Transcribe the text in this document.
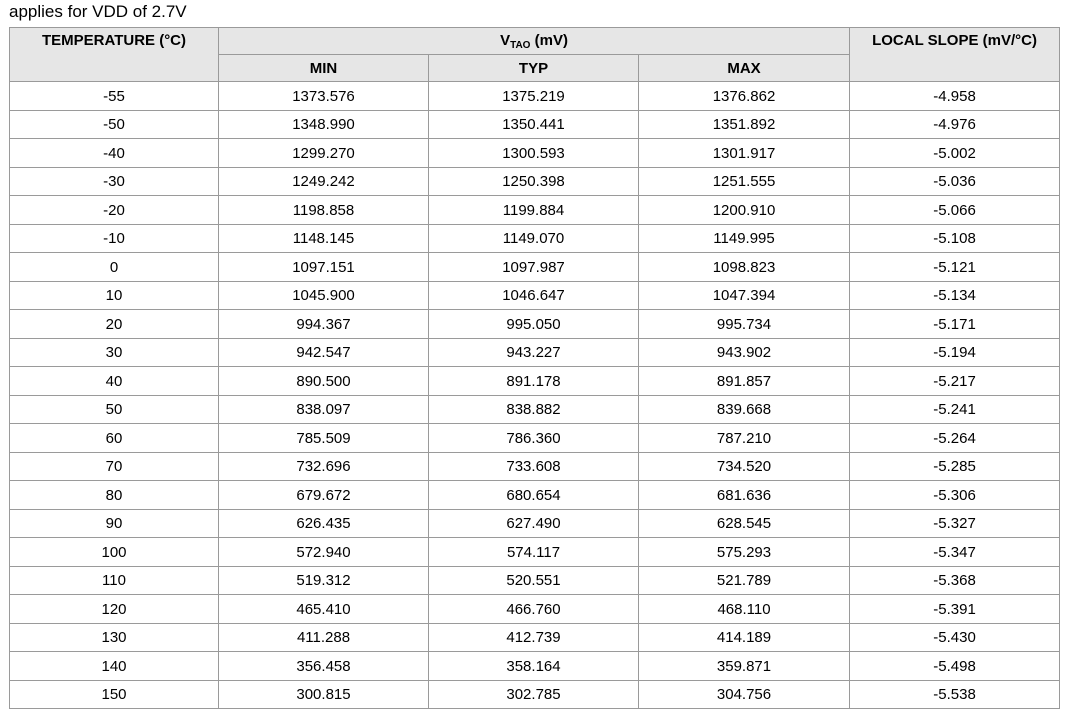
applies for VDD of 2.7V
TEMPERATURE (°C)	$V_{TAO}$ (mV)			LOCAL SLOPE (mV/°C)
	MIN	TYP	MAX	
-55	1373.576	1375.219	1376.862	-4.958
-50	1348.990	1350.441	1351.892	-4.976
-40	1299.270	1300.593	1301.917	-5.002
-30	1249.242	1250.398	1251.555	-5.036
-20	1198.858	1199.884	1200.910	-5.066
-10	1148.145	1149.070	1149.995	-5.108
0	1097.151	1097.987	1098.823	-5.121
10	1045.900	1046.647	1047.394	-5.134
20	994.367	995.050	995.734	-5.171
30	942.547	943.227	943.902	-5.194
40	890.500	891.178	891.857	-5.217
50	838.097	838.882	839.668	-5.241
60	785.509	786.360	787.210	-5.264
70	732.696	733.608	734.520	-5.285
80	679.672	680.654	681.636	-5.306
90	626.435	627.490	628.545	-5.327
100	572.940	574.117	575.293	-5.347
110	519.312	520.551	521.789	-5.368
120	465.410	466.760	468.110	-5.391
130	411.288	412.739	414.189	-5.430
140	356.458	358.164	359.871	-5.498
150	300.815	302.785	304.756	-5.538
